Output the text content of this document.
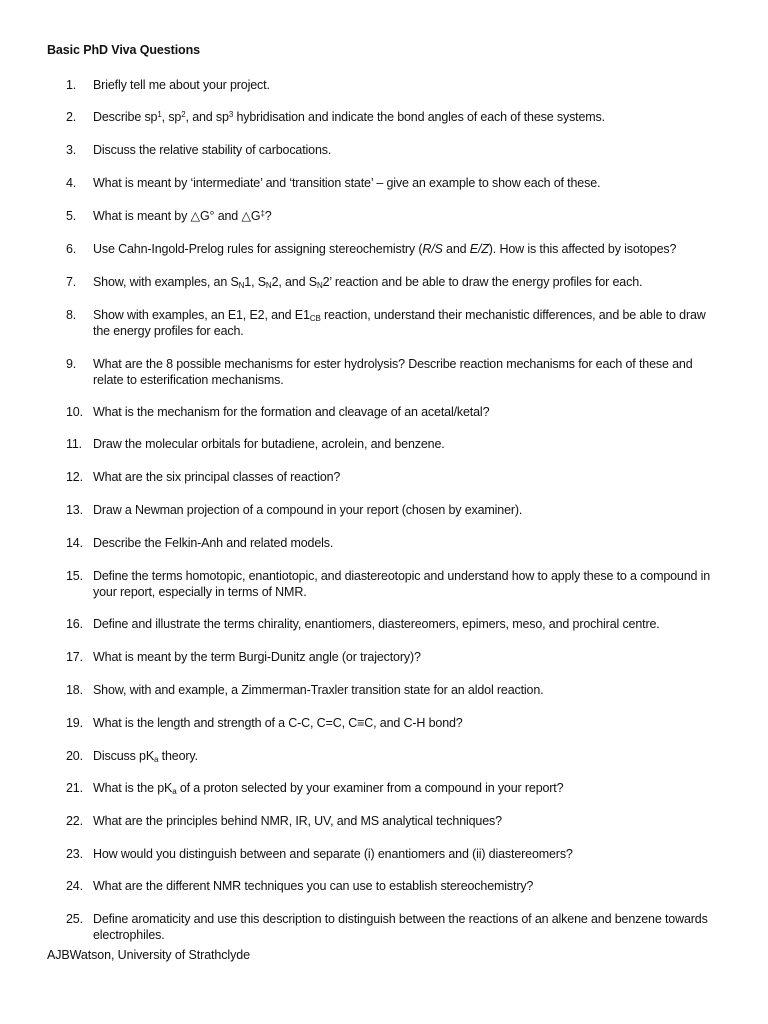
Basic PhD Viva Questions
1.	Briefly tell me about your project.
2.	Describe $sp^1$, $sp^2$, and $sp^3$ hybridisation and indicate the bond angles of each of these systems.
3.	Discuss the relative stability of carbocations.
4.	What is meant by ‘intermediate’ and ‘transition state’ – give an example to show each of these.
5.	What is meant by △G° and △G‡?
6.	Use Cahn-Ingold-Prelog rules for assigning stereochemistry (R/S and E/Z). How is this affected by isotopes?
7.	Show, with examples, an $S_N1$, $S_N2$, and $S_N2$’ reaction and be able to draw the energy profiles for each.
8.	Show with examples, an E1, E2, and $E1_{CB}$ reaction, understand their mechanistic differences, and be able to draw the energy profiles for each.
9.	What are the 8 possible mechanisms for ester hydrolysis? Describe reaction mechanisms for each of these and relate to esterification mechanisms.
10. What is the mechanism for the formation and cleavage of an acetal/ketal?
11. Draw the molecular orbitals for butadiene, acrolein, and benzene.
12. What are the six principal classes of reaction?
13. Draw a Newman projection of a compound in your report (chosen by examiner).
14. Describe the Felkin-Anh and related models.
15. Define the terms homotopic, enantiotopic, and diastereotopic and understand how to apply these to a compound in your report, especially in terms of NMR.
16. Define and illustrate the terms chirality, enantiomers, diastereomers, epimers, meso, and prochiral centre.
17. What is meant by the term Burgi-Dunitz angle (or trajectory)?
18. Show, with and example, a Zimmerman-Traxler transition state for an aldol reaction.
19. What is the length and strength of a C-C, C=C, C≡C, and C-H bond?
20. Discuss $pK_a$ theory.
21. What is the $pK_a$ of a proton selected by your examiner from a compound in your report?
22. What are the principles behind NMR, IR, UV, and MS analytical techniques?
23. How would you distinguish between and separate (i) enantiomers and (ii) diastereomers?
24. What are the different NMR techniques you can use to establish stereochemistry?
25. Define aromaticity and use this description to distinguish between the reactions of an alkene and benzene towards electrophiles.
AJBWatson, University of Strathclyde
